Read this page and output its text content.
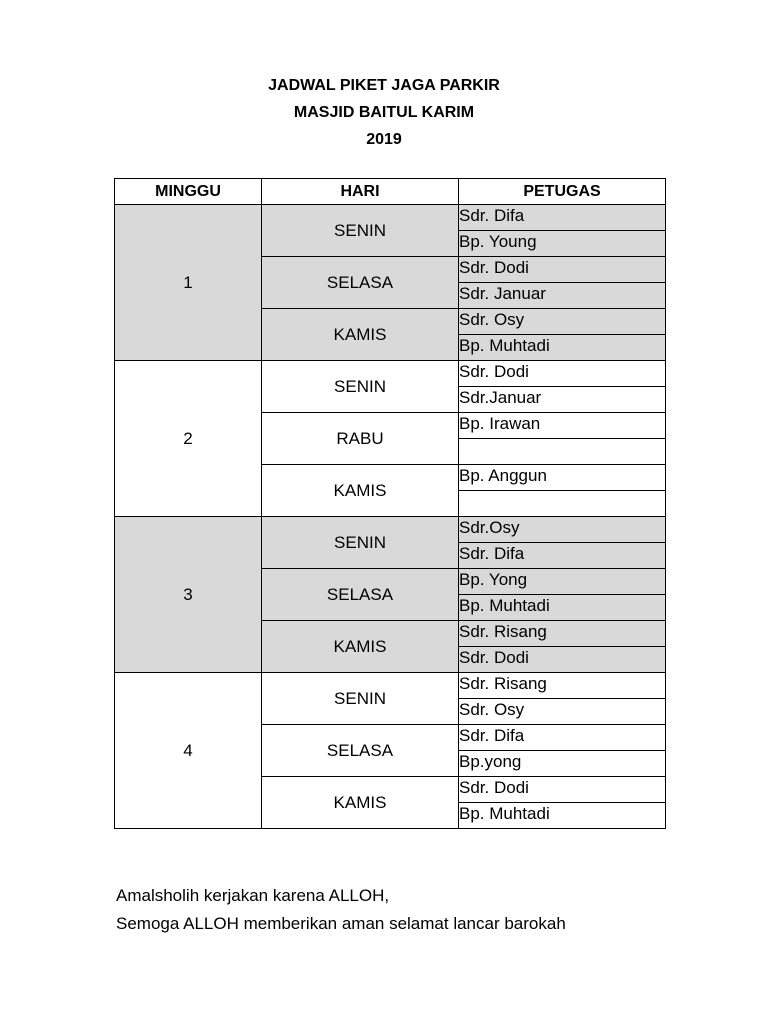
JADWAL PIKET JAGA PARKIR
MASJID BAITUL KARIM
2019
MINGGU	HARI	PETUGAS
1	SENIN	Sdr. Difa
		Bp. Young
	SELASA	Sdr. Dodi
		Sdr. Januar
	KAMIS	Sdr. Osy
		Bp. Muhtadi
2	SENIN	Sdr. Dodi
		Sdr.Januar
	RABU	Bp. Irawan

	KAMIS	Bp. Anggun

3	SENIN	Sdr.Osy
		Sdr. Difa
	SELASA	Bp. Yong
		Bp. Muhtadi
	KAMIS	Sdr. Risang
		Sdr. Dodi
4	SENIN	Sdr. Risang
		Sdr. Osy
	SELASA	Sdr. Difa
		Bp.yong
	KAMIS	Sdr. Dodi
		Bp. Muhtadi
Amalsholih kerjakan karena ALLOH,
Semoga ALLOH memberikan aman selamat lancar barokah
